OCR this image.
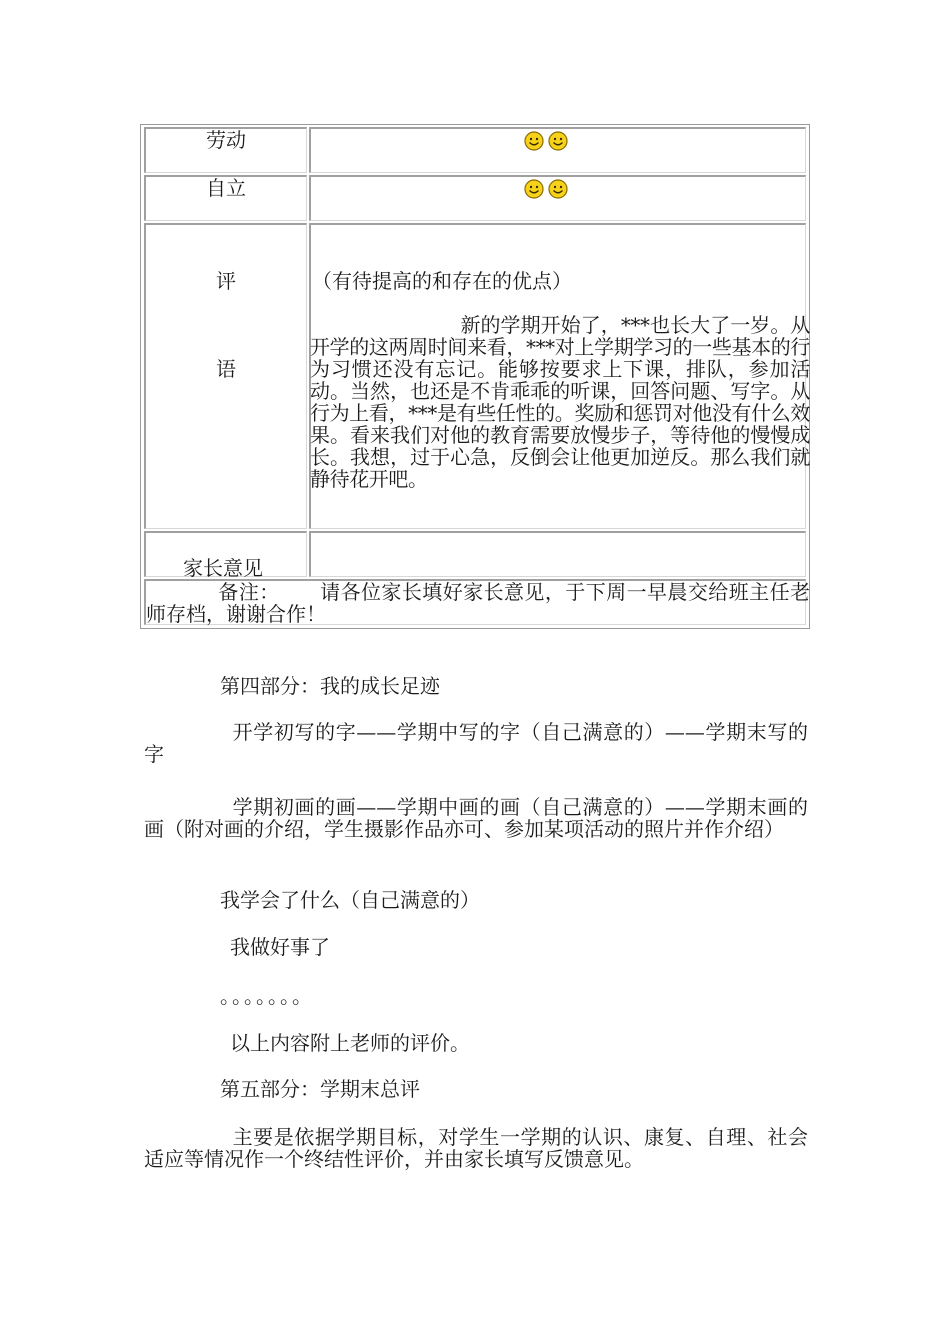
劳动
自立
评
语
（有待提高的和存在的优点）
新的学期开始了，***也长大了一岁。从开学的这两周时间来看，***对上学期学习的一些基本的行为习惯还没有忘记。能够按要求上下课，排队，参加活动。当然，也还是不肯乖乖的听课，回答问题、写字。从行为上看，***是有些任性的。奖励和惩罚对他没有什么效果。看来我们对他的教育需要放慢步子，等待他的慢慢成长。我想，过于心急，反倒会让他更加逆反。那么我们就静待花开吧。
家长意见
备注： 请各位家长填好家长意见，于下周一早晨交给班主任老师存档，谢谢合作！
第四部分：我的成长足迹
开学初写的字——学期中写的字（自己满意的）——学期末写的字
学期初画的画——学期中画的画（自己满意的）——学期末画的画（附对画的介绍，学生摄影作品亦可、参加某项活动的照片并作介绍）
我学会了什么（自己满意的）
我做好事了
。。。。。。。
以上内容附上老师的评价。
第五部分：学期末总评
主要是依据学期目标，对学生一学期的认识、康复、自理、社会适应等情况作一个终结性评价，并由家长填写反馈意见。
